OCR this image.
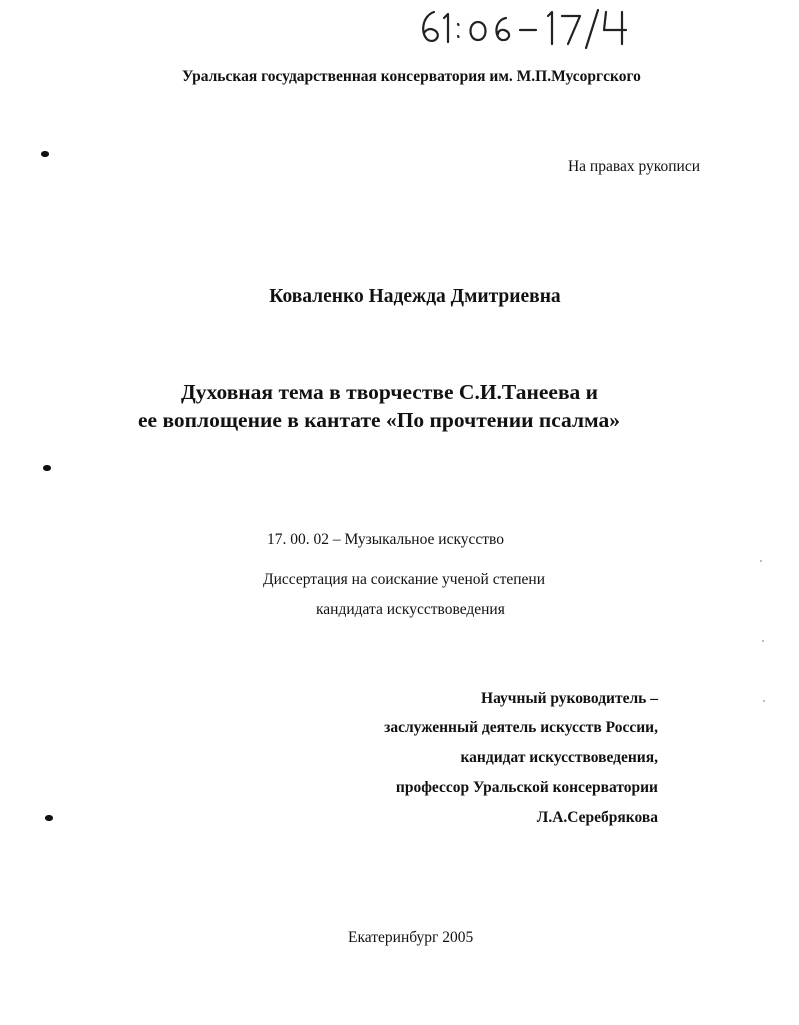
Уральская государственная консерватория им. М.П.Мусоргского
На правах рукописи
Коваленко Надежда Дмитриевна
Духовная тема в творчестве С.И.Танеева и
ее воплощение в кантате «По прочтении псалма»
17. 00. 02 – Музыкальное искусство
Диссертация на соискание ученой степени
кандидата искусствоведения
Научный руководитель –
заслуженный деятель искусств России,
кандидат искусствоведения,
профессор Уральской консерватории
Л.А.Серебрякова
Екатеринбург 2005
